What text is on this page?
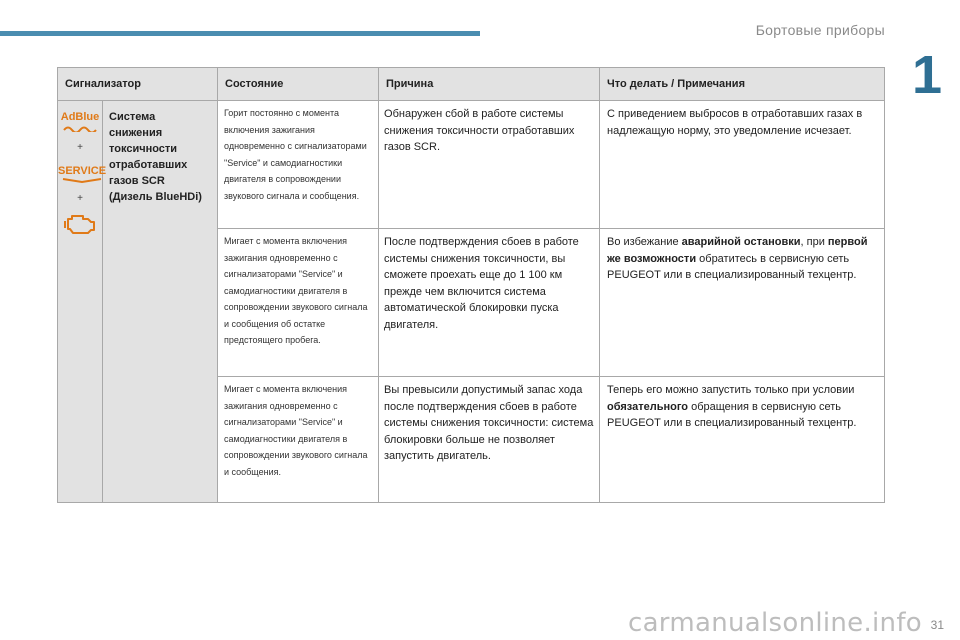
Бортовые приборы
1
Сигнализатор		Состояние	Причина	Что делать / Примечания
AdBlue
+
SERVICE
+	Система снижения токсичности отработавших газов SCR (Дизель BlueHDi)	Горит постоянно с момента включения зажигания одновременно с сигнализаторами "Service" и самодиагностики двигателя в сопровождении звукового сигнала и сообщения.	Обнаружен сбой в работе системы снижения токсичности отработавших газов SCR.	С приведением выбросов в отработавших газах в надлежащую норму, это уведомление исчезает.
		Мигает с момента включения зажигания одновременно с сигнализаторами "Service" и самодиагностики двигателя в сопровождении звукового сигнала и сообщения об остатке предстоящего пробега.	После подтверждения сбоев в работе системы снижения токсичности, вы сможете проехать еще до 1 100 км прежде чем включится система автоматической блокировки пуска двигателя.	Во избежание аварийной остановки, при первой же возможности обратитесь в сервисную сеть PEUGEOT или в специализированный техцентр.
		Мигает с момента включения зажигания одновременно с сигнализаторами "Service" и самодиагностики двигателя в сопровождении звукового сигнала и сообщения.	Вы превысили допустимый запас хода после подтверждения сбоев в работе системы снижения токсичности: система блокировки больше не позволяет запустить двигатель.	Теперь его можно запустить только при условии обязательного обращения в сервисную сеть PEUGEOT или в специализированный техцентр.
carmanualsonline.info 31
